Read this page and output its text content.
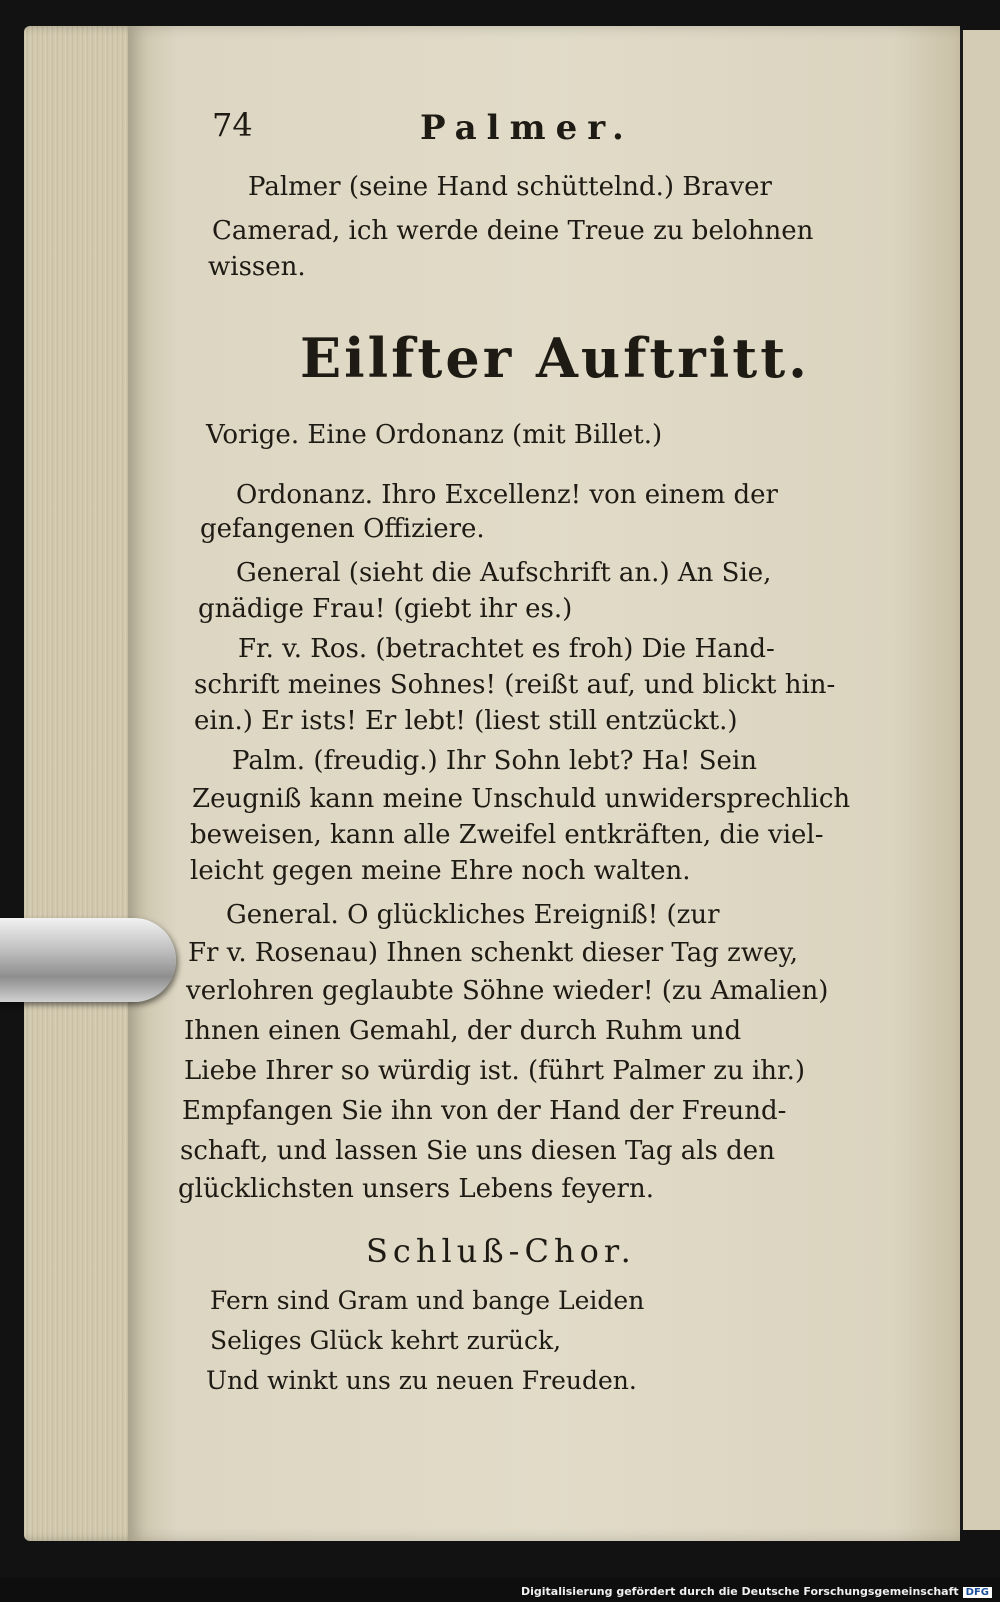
74	Palmer.
Palmer (seine Hand schüttelnd.) Braver
Camerad, ich werde deine Treue zu belohnen
wissen.
Eilfter Auftritt.
Vorige. Eine Ordonanz (mit Billet.)
Ordonanz. Ihro Excellenz! von einem der
gefangenen Offiziere.
General (sieht die Aufschrift an.) An Sie,
gnädige Frau! (giebt ihr es.)
Fr. v. Ros. (betrachtet es froh) Die Hand-
schrift meines Sohnes! (reißt auf, und blickt hin-
ein.) Er ists! Er lebt! (liest still entzückt.)
Palm. (freudig.) Ihr Sohn lebt? Ha! Sein
Zeugniß kann meine Unschuld unwidersprechlich
beweisen, kann alle Zweifel entkräften, die viel-
leicht gegen meine Ehre noch walten.
General. O glückliches Ereigniß! (zur
Fr v. Rosenau) Ihnen schenkt dieser Tag zwey,
verlohren geglaubte Söhne wieder! (zu Amalien)
Ihnen einen Gemahl, der durch Ruhm und
Liebe Ihrer so würdig ist. (führt Palmer zu ihr.)
Empfangen Sie ihn von der Hand der Freund-
schaft, und lassen Sie uns diesen Tag als den
glücklichsten unsers Lebens feyern.
Schluß-Chor.
Fern sind Gram und bange Leiden
Seliges Glück kehrt zurück,
Und winkt uns zu neuen Freuden.
Digitalisierung gefördert durch die Deutsche Forschungsgemeinschaft DFG
